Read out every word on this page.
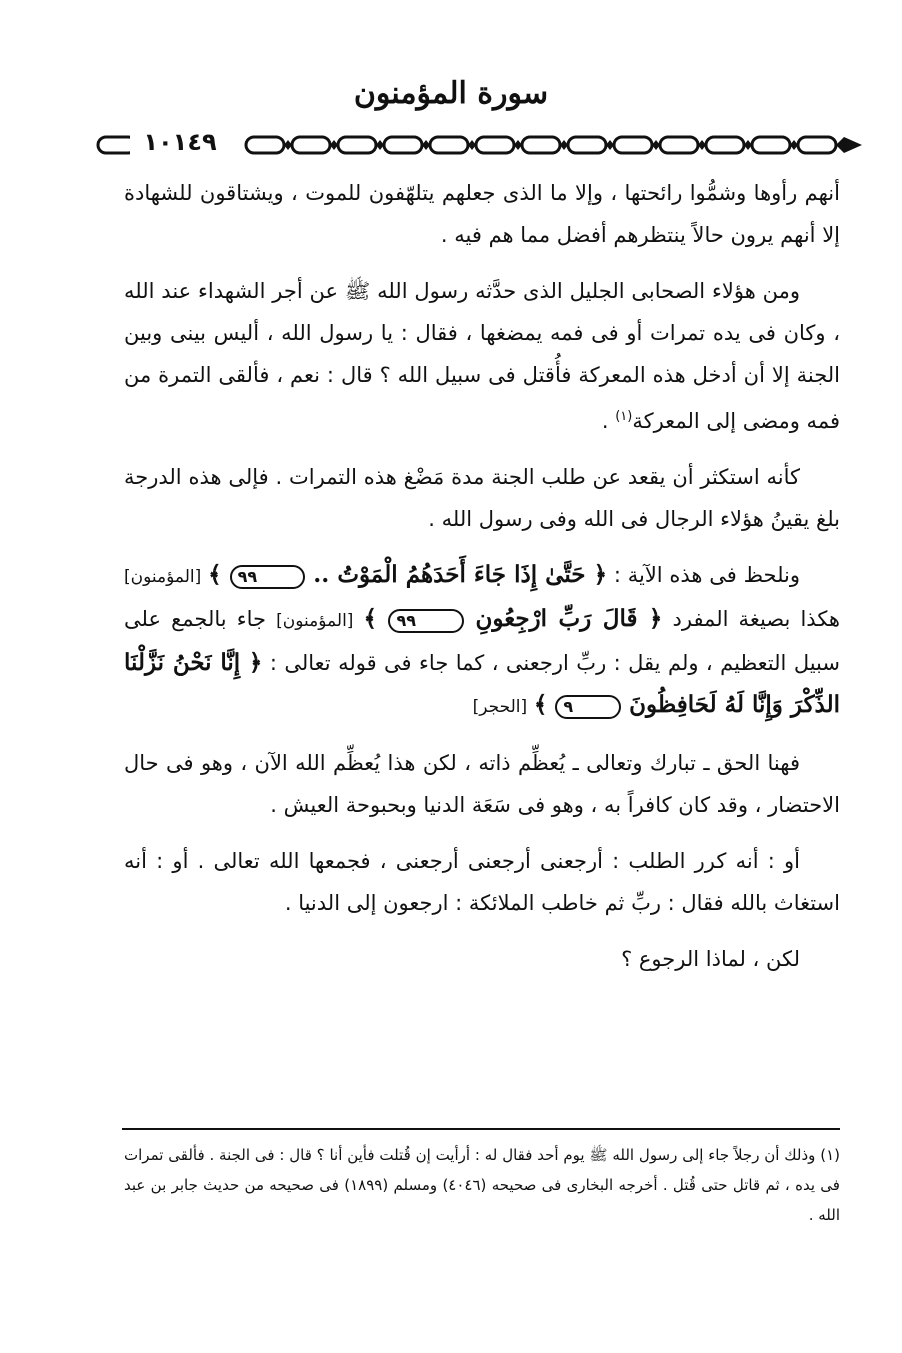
سورة المؤمنون
١٠١٤٩

أنهم رأوها وشمُّوا رائحتها ، وإلا ما الذى جعلهم يتلهّفون للموت ، ويشتاقون للشهادة إلا أنهم يرون حالاً ينتظرهم أفضل مما هم فيه .

ومن هؤلاء الصحابى الجليل الذى حدَّثه رسول الله ﷺ عن أجر الشهداء عند الله ، وكان فى يده تمرات أو فى فمه يمضغها ، فقال : يا رسول الله ، أليس بينى وبين الجنة إلا أن أدخل هذه المعركة فأُقتل فى سبيل الله ؟ قال : نعم ، فألقى التمرة من فمه ومضى إلى المعركة$^{(١)}$ .

كأنه استكثر أن يقعد عن طلب الجنة مدة مَضْغ هذه التمرات . فإلى هذه الدرجة بلغ يقينُ هؤلاء الرجال فى الله وفى رسول الله .

ونلحظ فى هذه الآية : ﴿ حَتَّىٰ إِذَا جَاءَ أَحَدَهُمُ الْمَوْتُ .. ٩٩ ﴾ [المؤمنون] هكذا بصيغة المفرد ﴿ قَالَ رَبِّ ارْجِعُونِ ٩٩ ﴾ [المؤمنون] جاء بالجمع على سبيل التعظيم ، ولم يقل : ربِّ ارجعنى ، كما جاء فى قوله تعالى : ﴿ إِنَّا نَحْنُ نَزَّلْنَا الذِّكْرَ وَإِنَّا لَهُ لَحَافِظُونَ ٩ ﴾ [الحجر]

فهنا الحق ـ تبارك وتعالى ـ يُعظِّم ذاته ، لكن هذا يُعظِّم الله الآن ، وهو فى حال الاحتضار ، وقد كان كافراً به ، وهو فى سَعَة الدنيا وبحبوحة العيش .

أو : أنه كرر الطلب : أرجعنى أرجعنى أرجعنى ، فجمعها الله تعالى . أو : أنه استغاث بالله فقال : ربِّ ثم خاطب الملائكة : ارجعون إلى الدنيا .

لكن ، لماذا الرجوع ؟

(١) وذلك أن رجلاً جاء إلى رسول الله ﷺ يوم أحد فقال له : أرأيت إن قُتلت فأين أنا ؟ قال : فى الجنة . فألقى تمرات فى يده ، ثم قاتل حتى قُتل . أخرجه البخارى فى صحيحه (٤٠٤٦) ومسلم (١٨٩٩) فى صحيحه من حديث جابر بن عبد الله .
